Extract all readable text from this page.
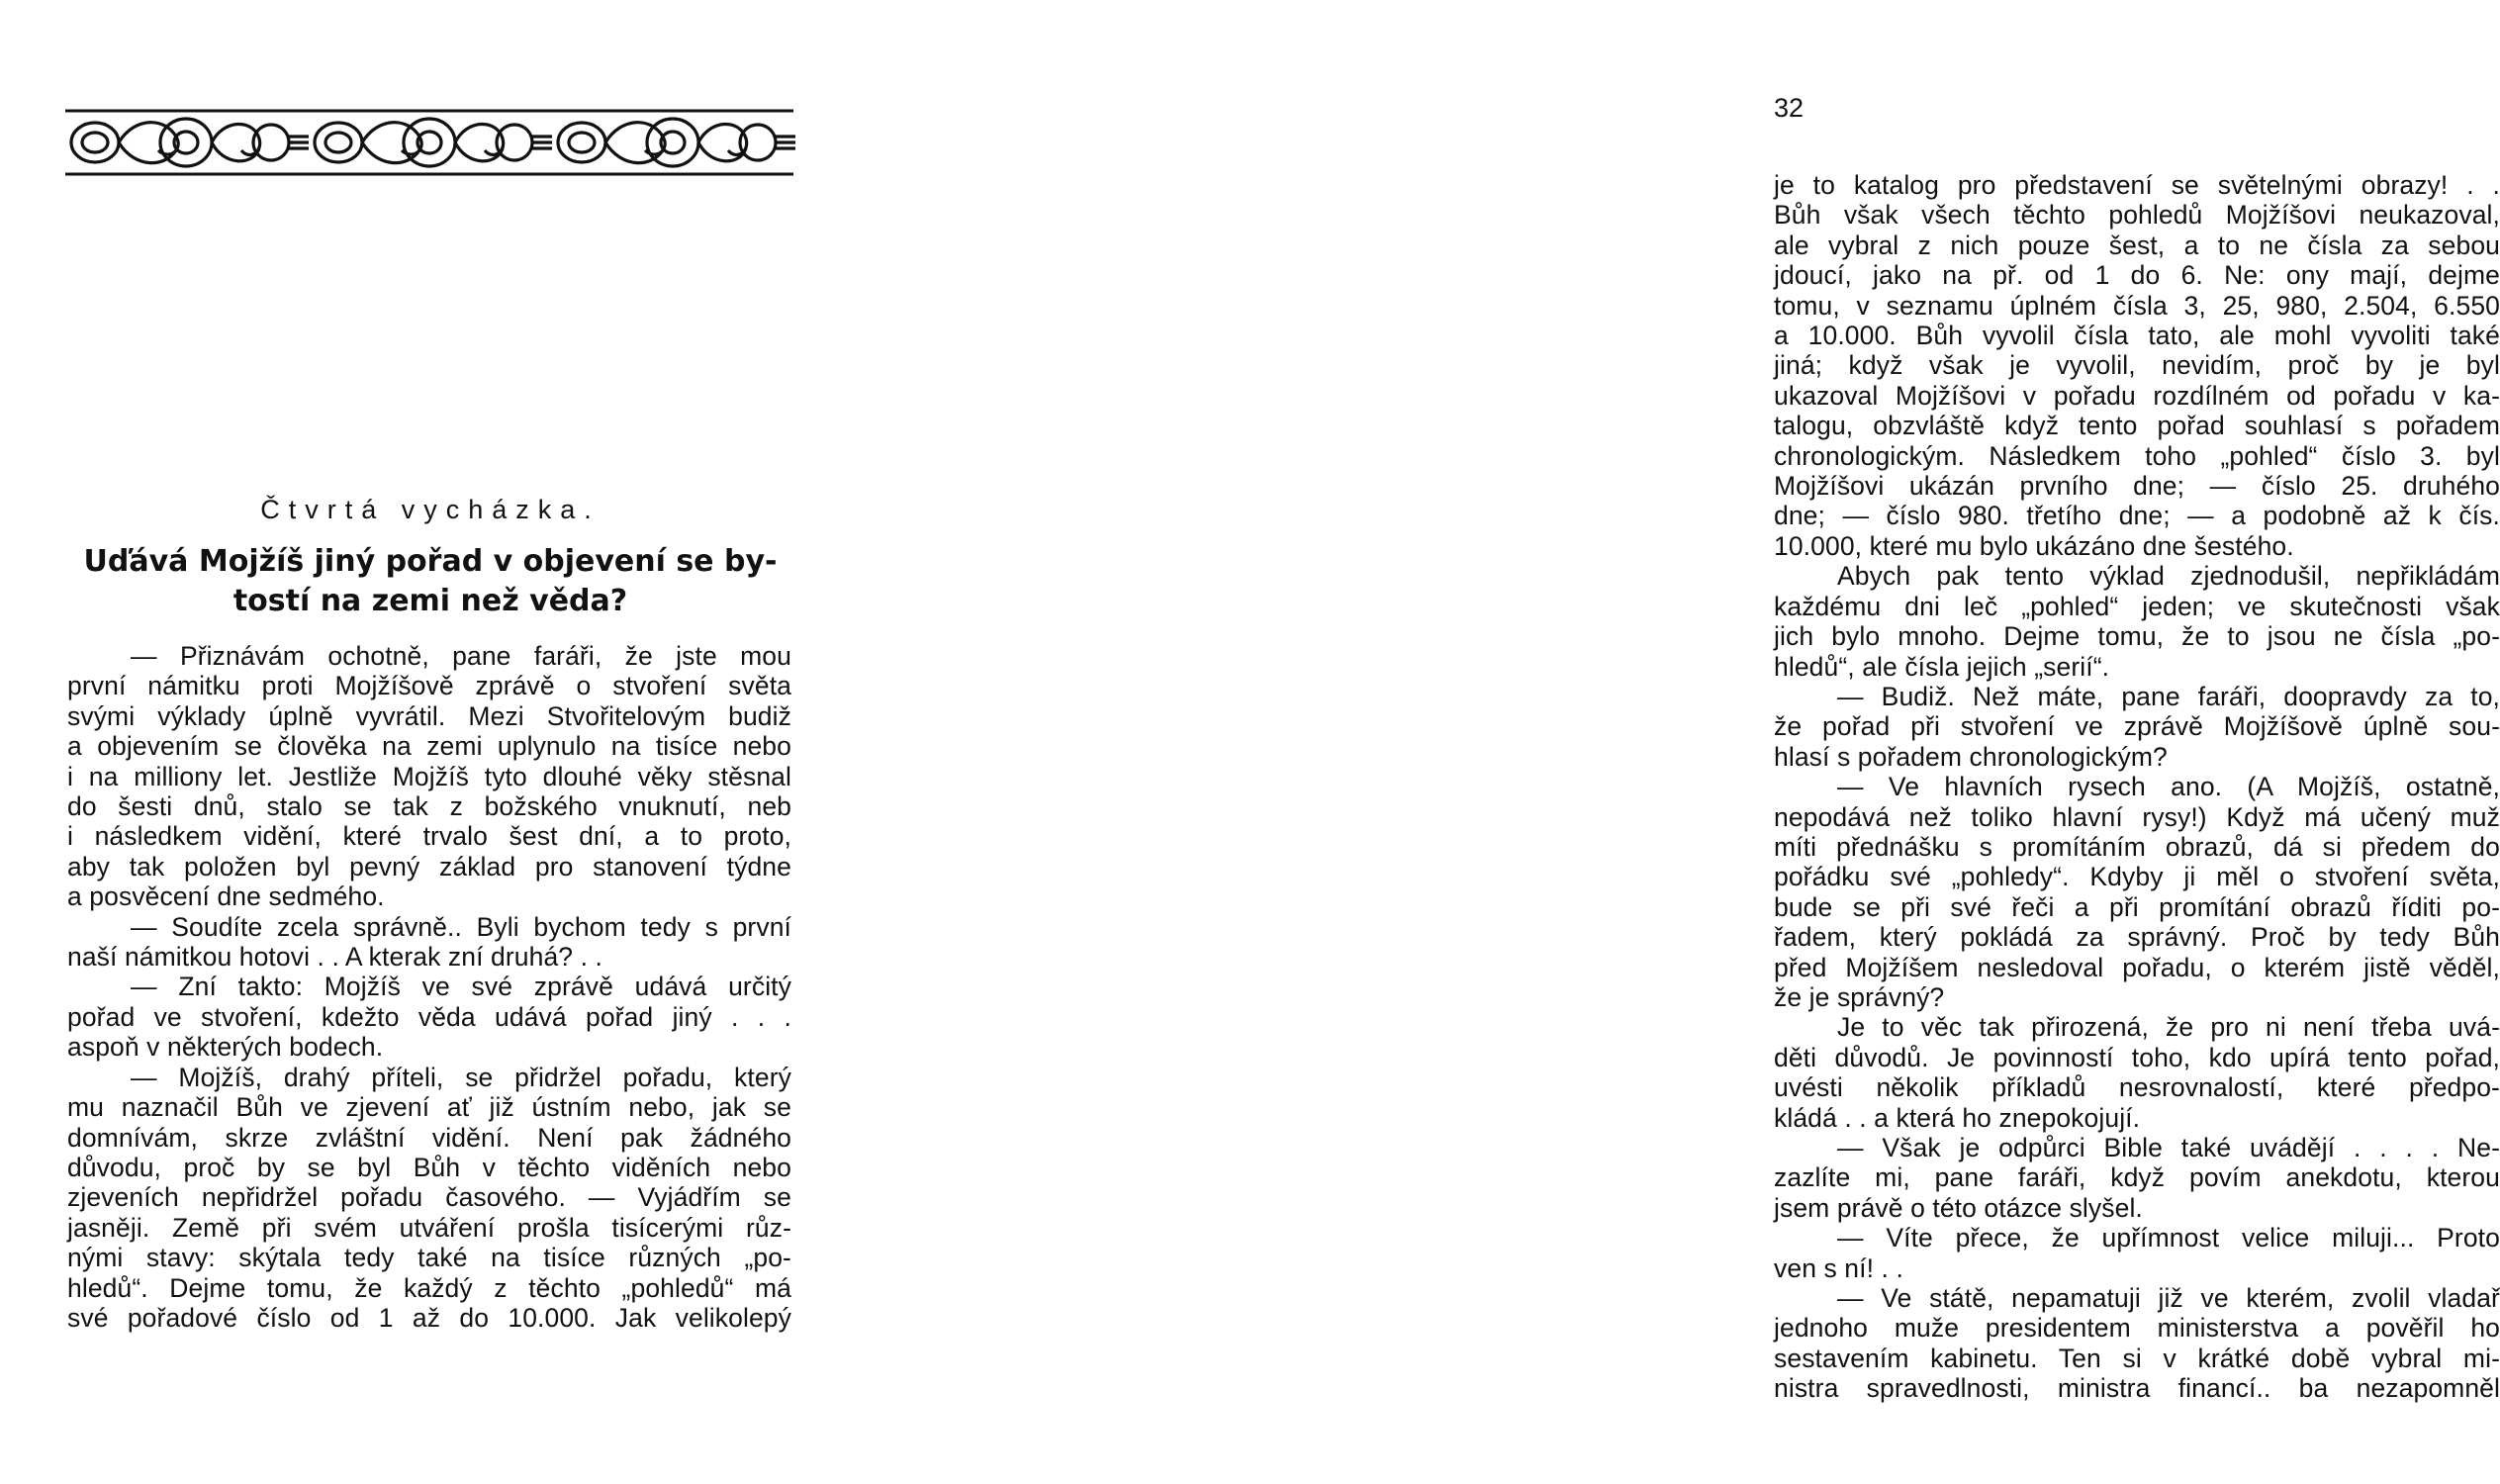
Čtvrtá vycházka.
Uďává Mojžíš jiný pořad v objevení se by-
tostí na zemi než věda?
— Přiznávám ochotně, pane faráři, že jste mou
první námitku proti Mojžíšově zprávě o stvoření světa
svými výklady úplně vyvrátil. Mezi Stvořitelovým budiž
a objevením se člověka na zemi uplynulo na tisíce nebo
i na milliony let. Jestliže Mojžíš tyto dlouhé věky stěsnal
do šesti dnů, stalo se tak z božského vnuknutí, neb
i následkem vidění, které trvalo šest dní, a to proto,
aby tak položen byl pevný základ pro stanovení týdne
a posvěcení dne sedmého.
— Soudíte zcela správně.. Byli bychom tedy s první
naší námitkou hotovi . . A kterak zní druhá? . .
— Zní takto: Mojžíš ve své zprávě udává určitý
pořad ve stvoření, kdežto věda udává pořad jiný . . .
aspoň v některých bodech.
— Mojžíš, drahý příteli, se přidržel pořadu, který
mu naznačil Bůh ve zjevení ať již ústním nebo, jak se
domnívám, skrze zvláštní vidění. Není pak žádného
důvodu, proč by se byl Bůh v těchto viděních nebo
zjeveních nepřidržel pořadu časového. — Vyjádřím se
jasněji. Země při svém utváření prošla tisícerými růz-
nými stavy: skýtala tedy také na tisíce různých „po-
hledů“. Dejme tomu, že každý z těchto „pohledů“ má
své pořadové číslo od 1 až do 10.000. Jak velikolepý
32
je to katalog pro představení se světelnými obrazy! . .
Bůh však všech těchto pohledů Mojžíšovi neukazoval,
ale vybral z nich pouze šest, a to ne čísla za sebou
jdoucí, jako na př. od 1 do 6. Ne: ony mají, dejme
tomu, v seznamu úplném čísla 3, 25, 980, 2.504, 6.550
a 10.000. Bůh vyvolil čísla tato, ale mohl vyvoliti také
jiná; když však je vyvolil, nevidím, proč by je byl
ukazoval Mojžíšovi v pořadu rozdílném od pořadu v ka-
talogu, obzvláště když tento pořad souhlasí s pořadem
chronologickým. Následkem toho „pohled“ číslo 3. byl
Mojžíšovi ukázán prvního dne; — číslo 25. druhého
dne; — číslo 980. třetího dne; — a podobně až k čís.
10.000, které mu bylo ukázáno dne šestého.
Abych pak tento výklad zjednodušil, nepřikládám
každému dni leč „pohled“ jeden; ve skutečnosti však
jich bylo mnoho. Dejme tomu, že to jsou ne čísla „po-
hledů“, ale čísla jejich „serií“.
— Budiž. Než máte, pane faráři, doopravdy za to,
že pořad při stvoření ve zprávě Mojžíšově úplně sou-
hlasí s pořadem chronologickým?
— Ve hlavních rysech ano. (A Mojžíš, ostatně,
nepodává než toliko hlavní rysy!) Když má učený muž
míti přednášku s promítáním obrazů, dá si předem do
pořádku své „pohledy“. Kdyby ji měl o stvoření světa,
bude se při své řeči a při promítání obrazů říditi po-
řadem, který pokládá za správný. Proč by tedy Bůh
před Mojžíšem nesledoval pořadu, o kterém jistě věděl,
že je správný?
Je to věc tak přirozená, že pro ni není třeba uvá-
děti důvodů. Je povinností toho, kdo upírá tento pořad,
uvésti několik příkladů nesrovnalostí, které předpo-
kládá . . a která ho znepokojují.
— Však je odpůrci Bible také uvádějí . . . . Ne-
zazlíte mi, pane faráři, když povím anekdotu, kterou
jsem právě o této otázce slyšel.
— Víte přece, že upřímnost velice miluji... Proto
ven s ní! . .
— Ve státě, nepamatuji již ve kterém, zvolil vladař
jednoho muže presidentem ministerstva a pověřil ho
sestavením kabinetu. Ten si v krátké době vybral mi-
nistra spravedlnosti, ministra financí.. ba nezapomněl
